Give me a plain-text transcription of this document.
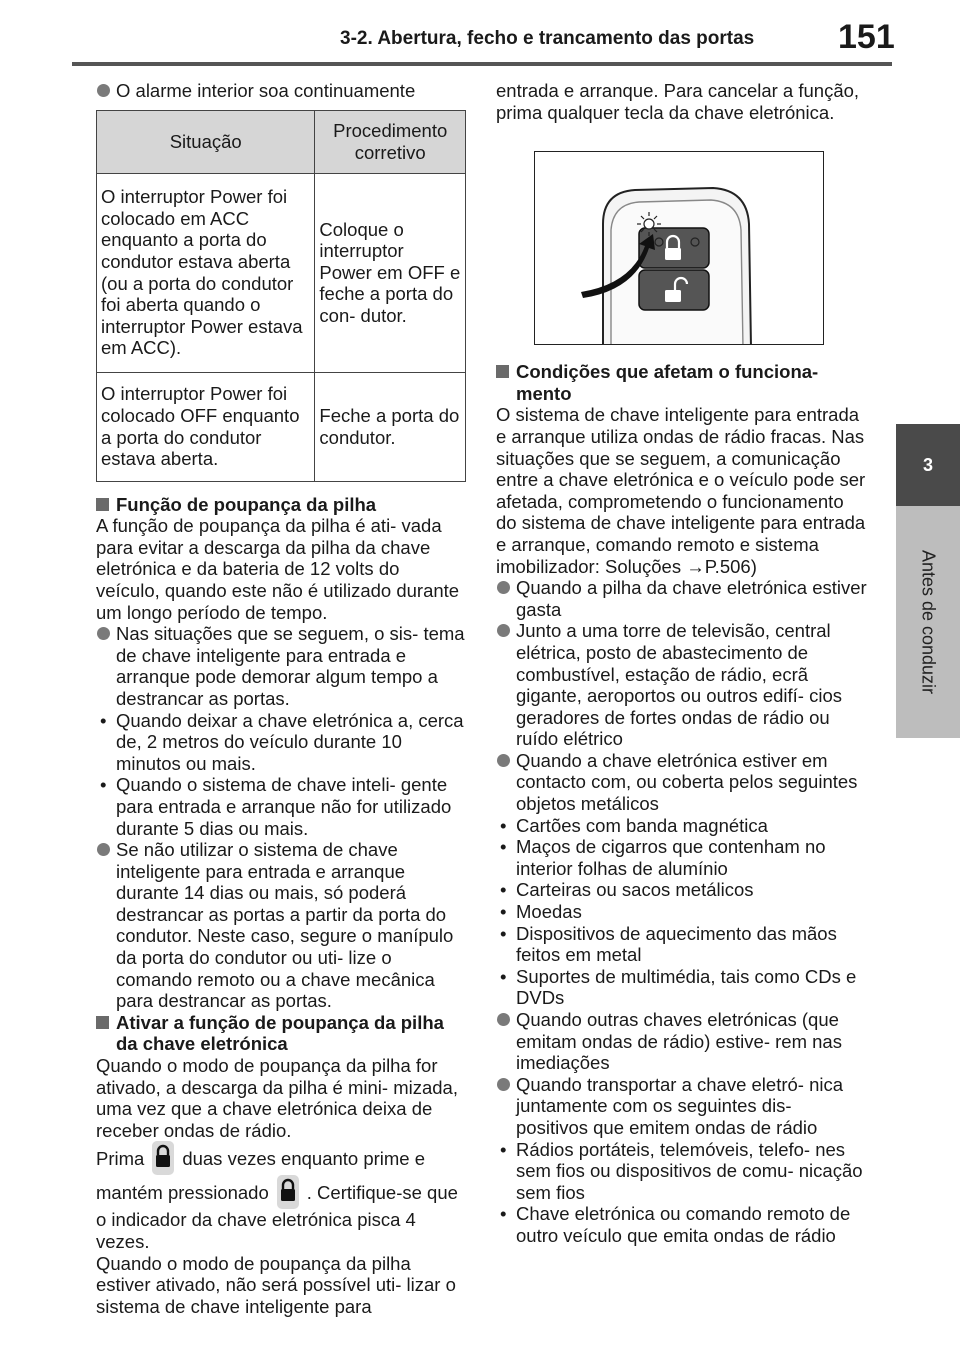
3-2. Abertura, fecho e trancamento das portas 151
3
Antes de conduzir

O alarme interior soa continuamente

Situação	Procedimento corretivo
O interruptor Power foi colocado em ACC enquanto a porta do condutor estava aberta (ou a porta do condutor foi aberta quando o interruptor Power estava em ACC).	Coloque o interruptor Power em OFF e feche a porta do con- dutor.
O interruptor Power foi colocado OFF enquanto a porta do condutor estava aberta.	Feche a porta do condutor.

Função de poupança da pilha

A função de poupança da pilha é ati- vada para evitar a descarga da pilha da chave eletrónica e da bateria de 12 volts do veículo, quando este não é utilizado durante um longo período de tempo.

Nas situações que se seguem, o sis- tema de chave inteligente para entrada e arranque pode demorar algum tempo a destrancar as portas.

• Quando deixar a chave eletrónica a, cerca de, 2 metros do veículo durante 10 minutos ou mais.

• Quando o sistema de chave inteli- gente para entrada e arranque não for utilizado durante 5 dias ou mais.

Se não utilizar o sistema de chave inteligente para entrada e arranque durante 14 dias ou mais, só poderá destrancar as portas a partir da porta do condutor. Neste caso, segure o manípulo da porta do condutor ou uti- lize o comando remoto ou a chave mecânica para destrancar as portas.

Ativar a função de poupança da pilha da chave eletrónica

Quando o modo de poupança da pilha for ativado, a descarga da pilha é mini- mizada, uma vez que a chave eletrónica deixa de receber ondas de rádio.

Prima duas vezes enquanto prime e mantém pressionado . Certifique-se que o indicador da chave eletrónica pisca 4 vezes.

Quando o modo de poupança da pilha estiver ativado, não será possível uti- lizar o sistema de chave inteligente para

entrada e arranque. Para cancelar a função, prima qualquer tecla da chave eletrónica.

Condições que afetam o funciona- mento

O sistema de chave inteligente para entrada e arranque utiliza ondas de rádio fracas. Nas situações que se seguem, a comunicação entre a chave eletrónica e o veículo pode ser afetada, comprometendo o funcionamento do sistema de chave inteligente para entrada e arranque, comando remoto e sistema imobilizador: Soluções →P.506)

Quando a pilha da chave eletrónica estiver gasta

Junto a uma torre de televisão, central elétrica, posto de abastecimento de combustível, estação de rádio, ecrã gigante, aeroportos ou outros edifí- cios geradores de fortes ondas de rádio ou ruído elétrico

Quando a chave eletrónica estiver em contacto com, ou coberta pelos seguintes objetos metálicos

• Cartões com banda magnética

• Maços de cigarros que contenham no interior folhas de alumínio

• Carteiras ou sacos metálicos

• Moedas

• Dispositivos de aquecimento das mãos feitos em metal

• Suportes de multimédia, tais como CDs e DVDs

Quando outras chaves eletrónicas (que emitam ondas de rádio) estive- rem nas imediações

Quando transportar a chave eletró- nica juntamente com os seguintes dis- positivos que emitem ondas de rádio

• Rádios portáteis, telemóveis, telefo- nes sem fios ou dispositivos de comu- nicação sem fios

• Chave eletrónica ou comando remoto de outro veículo que emita ondas de rádio
